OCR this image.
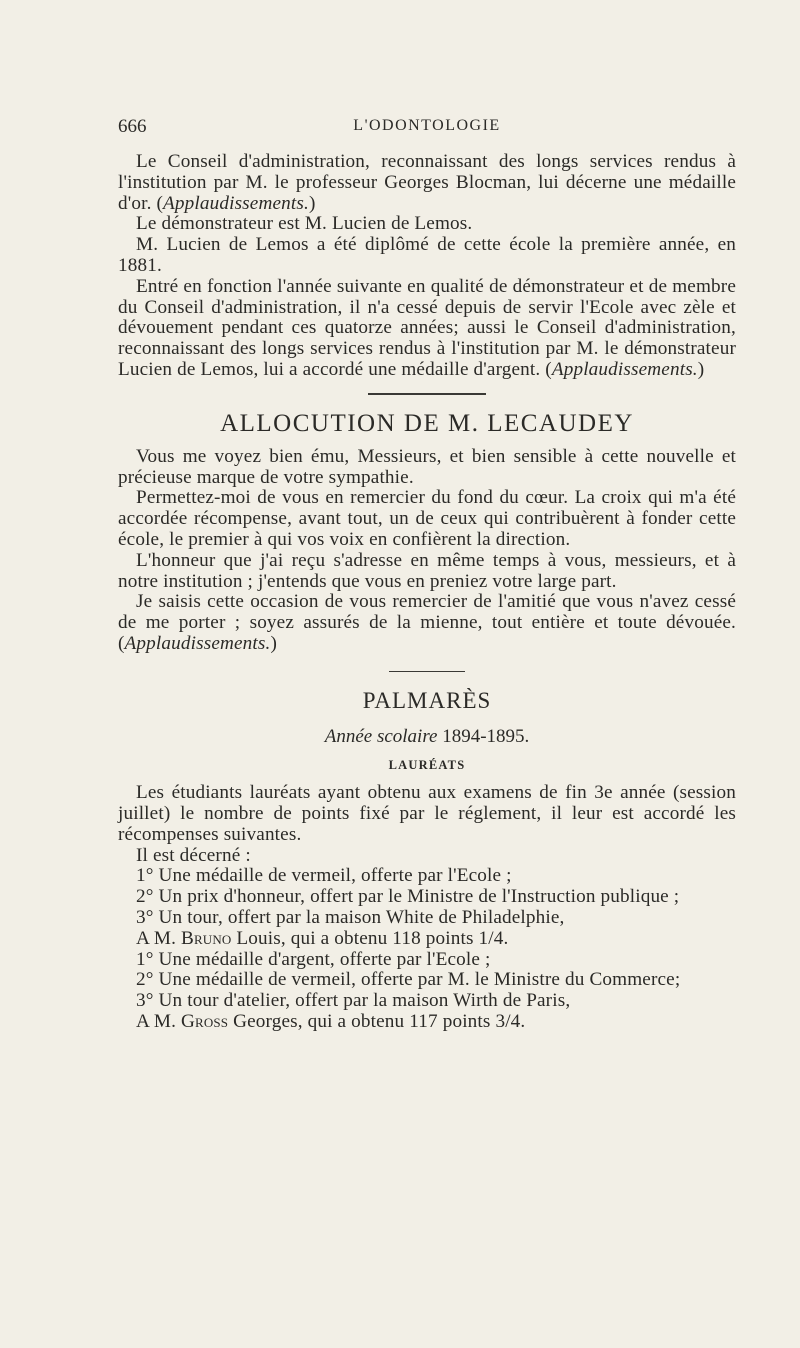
666	L'ODONTOLOGIE

Le Conseil d'administration, reconnaissant des longs services rendus à l'institution par M. le professeur Georges Blocman, lui décerne une médaille d'or. (Applaudissements.)

Le démonstrateur est M. Lucien de Lemos.

M. Lucien de Lemos a été diplômé de cette école la première année, en 1881.

Entré en fonction l'année suivante en qualité de démonstrateur et de membre du Conseil d'administration, il n'a cessé depuis de servir l'Ecole avec zèle et dévouement pendant ces quatorze années; aussi le Conseil d'administration, reconnaissant des longs services rendus à l'institution par M. le démonstrateur Lucien de Lemos, lui a accordé une médaille d'argent. (Applaudissements.)

ALLOCUTION DE M. LECAUDEY

Vous me voyez bien ému, Messieurs, et bien sensible à cette nouvelle et précieuse marque de votre sympathie.

Permettez-moi de vous en remercier du fond du cœur. La croix qui m'a été accordée récompense, avant tout, un de ceux qui contribuèrent à fonder cette école, le premier à qui vos voix en confièrent la direction.

L'honneur que j'ai reçu s'adresse en même temps à vous, messieurs, et à notre institution ; j'entends que vous en preniez votre large part.

Je saisis cette occasion de vous remercier de l'amitié que vous n'avez cessé de me porter ; soyez assurés de la mienne, tout entière et toute dévouée. (Applaudissements.)

PALMARÈS
Année scolaire 1894-1895.
LAURÉATS

Les étudiants lauréats ayant obtenu aux examens de fin 3e année (session juillet) le nombre de points fixé par le réglement, il leur est accordé les récompenses suivantes.

Il est décerné :

1° Une médaille de vermeil, offerte par l'Ecole ;

2° Un prix d'honneur, offert par le Ministre de l'Instruction publique ;

3° Un tour, offert par la maison White de Philadelphie,

A M. Bruno Louis, qui a obtenu 118 points 1/4.

1° Une médaille d'argent, offerte par l'Ecole ;

2° Une médaille de vermeil, offerte par M. le Ministre du Commerce;

3° Un tour d'atelier, offert par la maison Wirth de Paris,

A M. Gross Georges, qui a obtenu 117 points 3/4.
